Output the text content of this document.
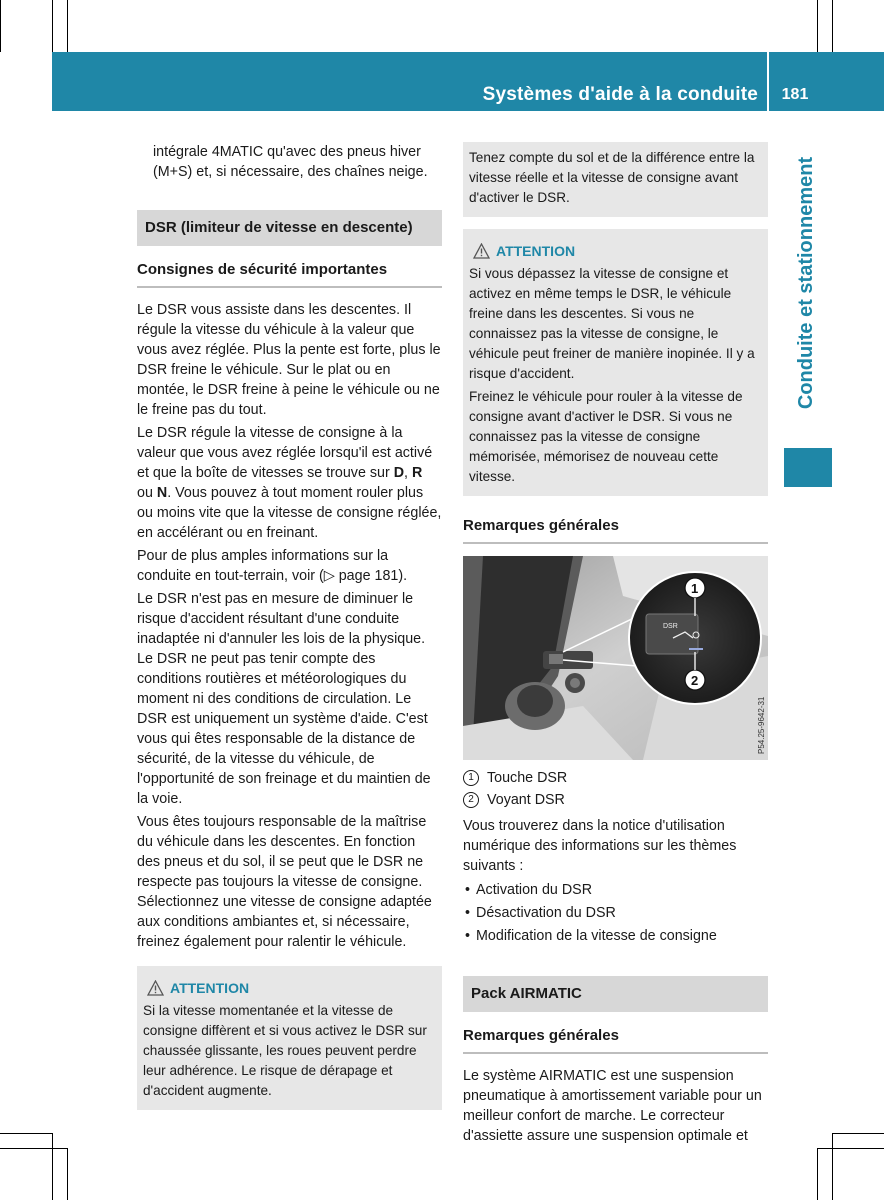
Systèmes d'aide à la conduite	181
Conduite et stationnement

intégrale 4MATIC qu'avec des pneus hiver (M+S) et, si nécessaire, des chaînes neige.

DSR (limiteur de vitesse en descente)
Consignes de sécurité importantes

Le DSR vous assiste dans les descentes. Il régule la vitesse du véhicule à la valeur que vous avez réglée. Plus la pente est forte, plus le DSR freine le véhicule. Sur le plat ou en montée, le DSR freine à peine le véhicule ou ne le freine pas du tout.

Le DSR régule la vitesse de consigne à la valeur que vous avez réglée lorsqu'il est activé et que la boîte de vitesses se trouve sur D, R ou N. Vous pouvez à tout moment rouler plus ou moins vite que la vitesse de consigne réglée, en accélérant ou en freinant.

Pour de plus amples informations sur la conduite en tout-terrain, voir (▷ page 181).

Le DSR n'est pas en mesure de diminuer le risque d'accident résultant d'une conduite inadaptée ni d'annuler les lois de la physique. Le DSR ne peut pas tenir compte des conditions routières et météorologiques du moment ni des conditions de circulation. Le DSR est uniquement un système d'aide. C'est vous qui êtes responsable de la distance de sécurité, de la vitesse du véhicule, de l'opportunité de son freinage et du maintien de la voie.

Vous êtes toujours responsable de la maîtrise du véhicule dans les descentes. En fonction des pneus et du sol, il se peut que le DSR ne respecte pas toujours la vitesse de consigne. Sélectionnez une vitesse de consigne adaptée aux conditions ambiantes et, si nécessaire, freinez également pour ralentir le véhicule.

ATTENTION

Si la vitesse momentanée et la vitesse de consigne diffèrent et si vous activez le DSR sur chaussée glissante, les roues peuvent perdre leur adhérence. Le risque de dérapage et d'accident augmente.

Tenez compte du sol et de la différence entre la vitesse réelle et la vitesse de consigne avant d'activer le DSR.

ATTENTION

Si vous dépassez la vitesse de consigne et activez en même temps le DSR, le véhicule freine dans les descentes. Si vous ne connaissez pas la vitesse de consigne, le véhicule peut freiner de manière inopinée. Il y a risque d'accident.

Freinez le véhicule pour rouler à la vitesse de consigne avant d'activer le DSR. Si vous ne connaissez pas la vitesse de consigne mémorisée, mémorisez de nouveau cette vitesse.

Remarques générales
DSR
1
2
P54.25-9642-31
1 Touche DSR
2 Voyant DSR

Vous trouverez dans la notice d'utilisation numérique des informations sur les thèmes suivants :

• Activation du DSR
• Désactivation du DSR
• Modification de la vitesse de consigne
Pack AIRMATIC
Remarques générales

Le système AIRMATIC est une suspension pneumatique à amortissement variable pour un meilleur confort de marche. Le correcteur d'assiette assure une suspension optimale et
